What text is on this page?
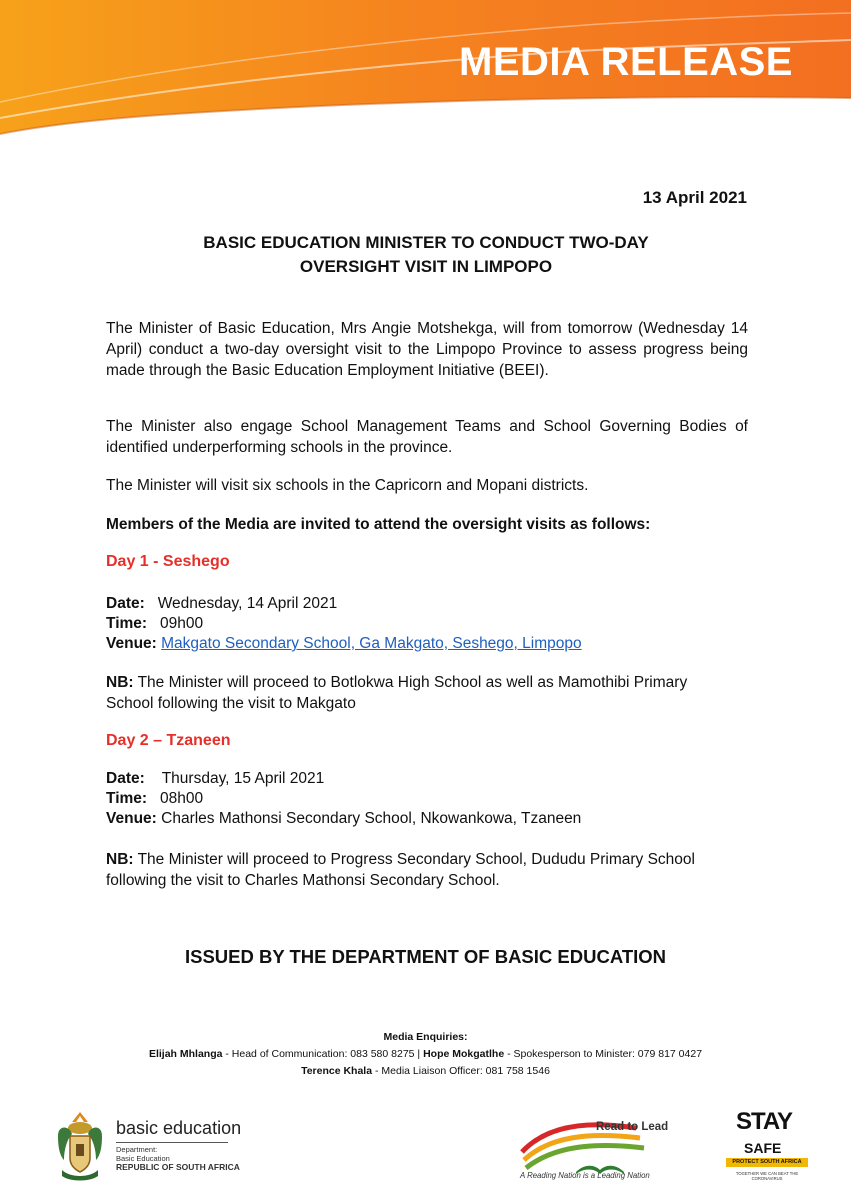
MEDIA RELEASE
13 April 2021
BASIC EDUCATION MINISTER TO CONDUCT TWO-DAY
OVERSIGHT VISIT IN LIMPOPO
The Minister of Basic Education, Mrs Angie Motshekga, will from tomorrow (Wednesday 14 April) conduct a two-day oversight visit to the Limpopo Province to assess progress being made through the Basic Education Employment Initiative (BEEI).
The Minister also engage School Management Teams and School Governing Bodies of identified underperforming schools in the province.
The Minister will visit six schools in the Capricorn and Mopani districts.
Members of the Media are invited to attend the oversight visits as follows:
Day 1 - Seshego
Date: Wednesday, 14 April 2021
Time: 09h00
Venue: Makgato Secondary School, Ga Makgato, Seshego, Limpopo
NB: The Minister will proceed to Botlokwa High School as well as Mamothibi Primary
School following the visit to Makgato
Day 2 – Tzaneen
Date: Thursday, 15 April 2021
Time: 08h00
Venue: Charles Mathonsi Secondary School, Nkowankowa, Tzaneen
NB: The Minister will proceed to Progress Secondary School, Dududu Primary School
following the visit to Charles Mathonsi Secondary School.
ISSUED BY THE DEPARTMENT OF BASIC EDUCATION
Media Enquiries:
Elijah Mhlanga - Head of Communication: 083 580 8275 | Hope Mokgatlhe - Spokesperson to Minister: 079 817 0427
Terence Khala - Media Liaison Officer: 081 758 1546
basic education
Department:
Basic Education
REPUBLIC OF SOUTH AFRICA
Read to Lead
A Reading Nation is a Leading Nation
STAY
SAFE
PROTECT SOUTH AFRICA
TOGETHER WE CAN BEAT THE CORONAVIRUS
